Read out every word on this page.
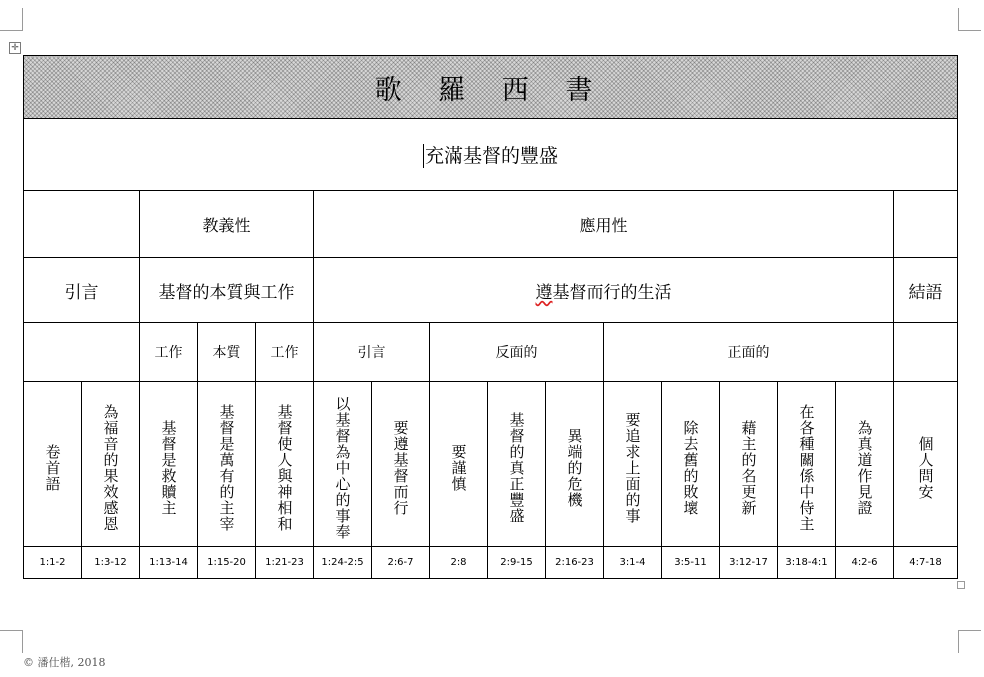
✛
歌 羅 西 書															
充滿基督的豐盛															
		教義性			應用性										
引言		基督的本質與工作			遵基督而行的生活										結語
		工作	本質	工作	引言		反面的			正面的					
卷首語	為福音的果效感恩	基督是救贖主	基督是萬有的主宰	基督使人與神相和	以基督為中心的事奉	要遵基督而行	要謹慎	基督的真正豐盛	異端的危機	要追求上面的事	除去舊的敗壞	藉主的名更新	在各種關係中侍主	為真道作見證	個人問安
1:1-2	1:3-12	1:13-14	1:15-20	1:21-23	1:24-2:5	2:6-7	2:8	2:9-15	2:16-23	3:1-4	3:5-11	3:12-17	3:18-4:1	4:2-6	4:7-18
© 潘仕楷, 2018
